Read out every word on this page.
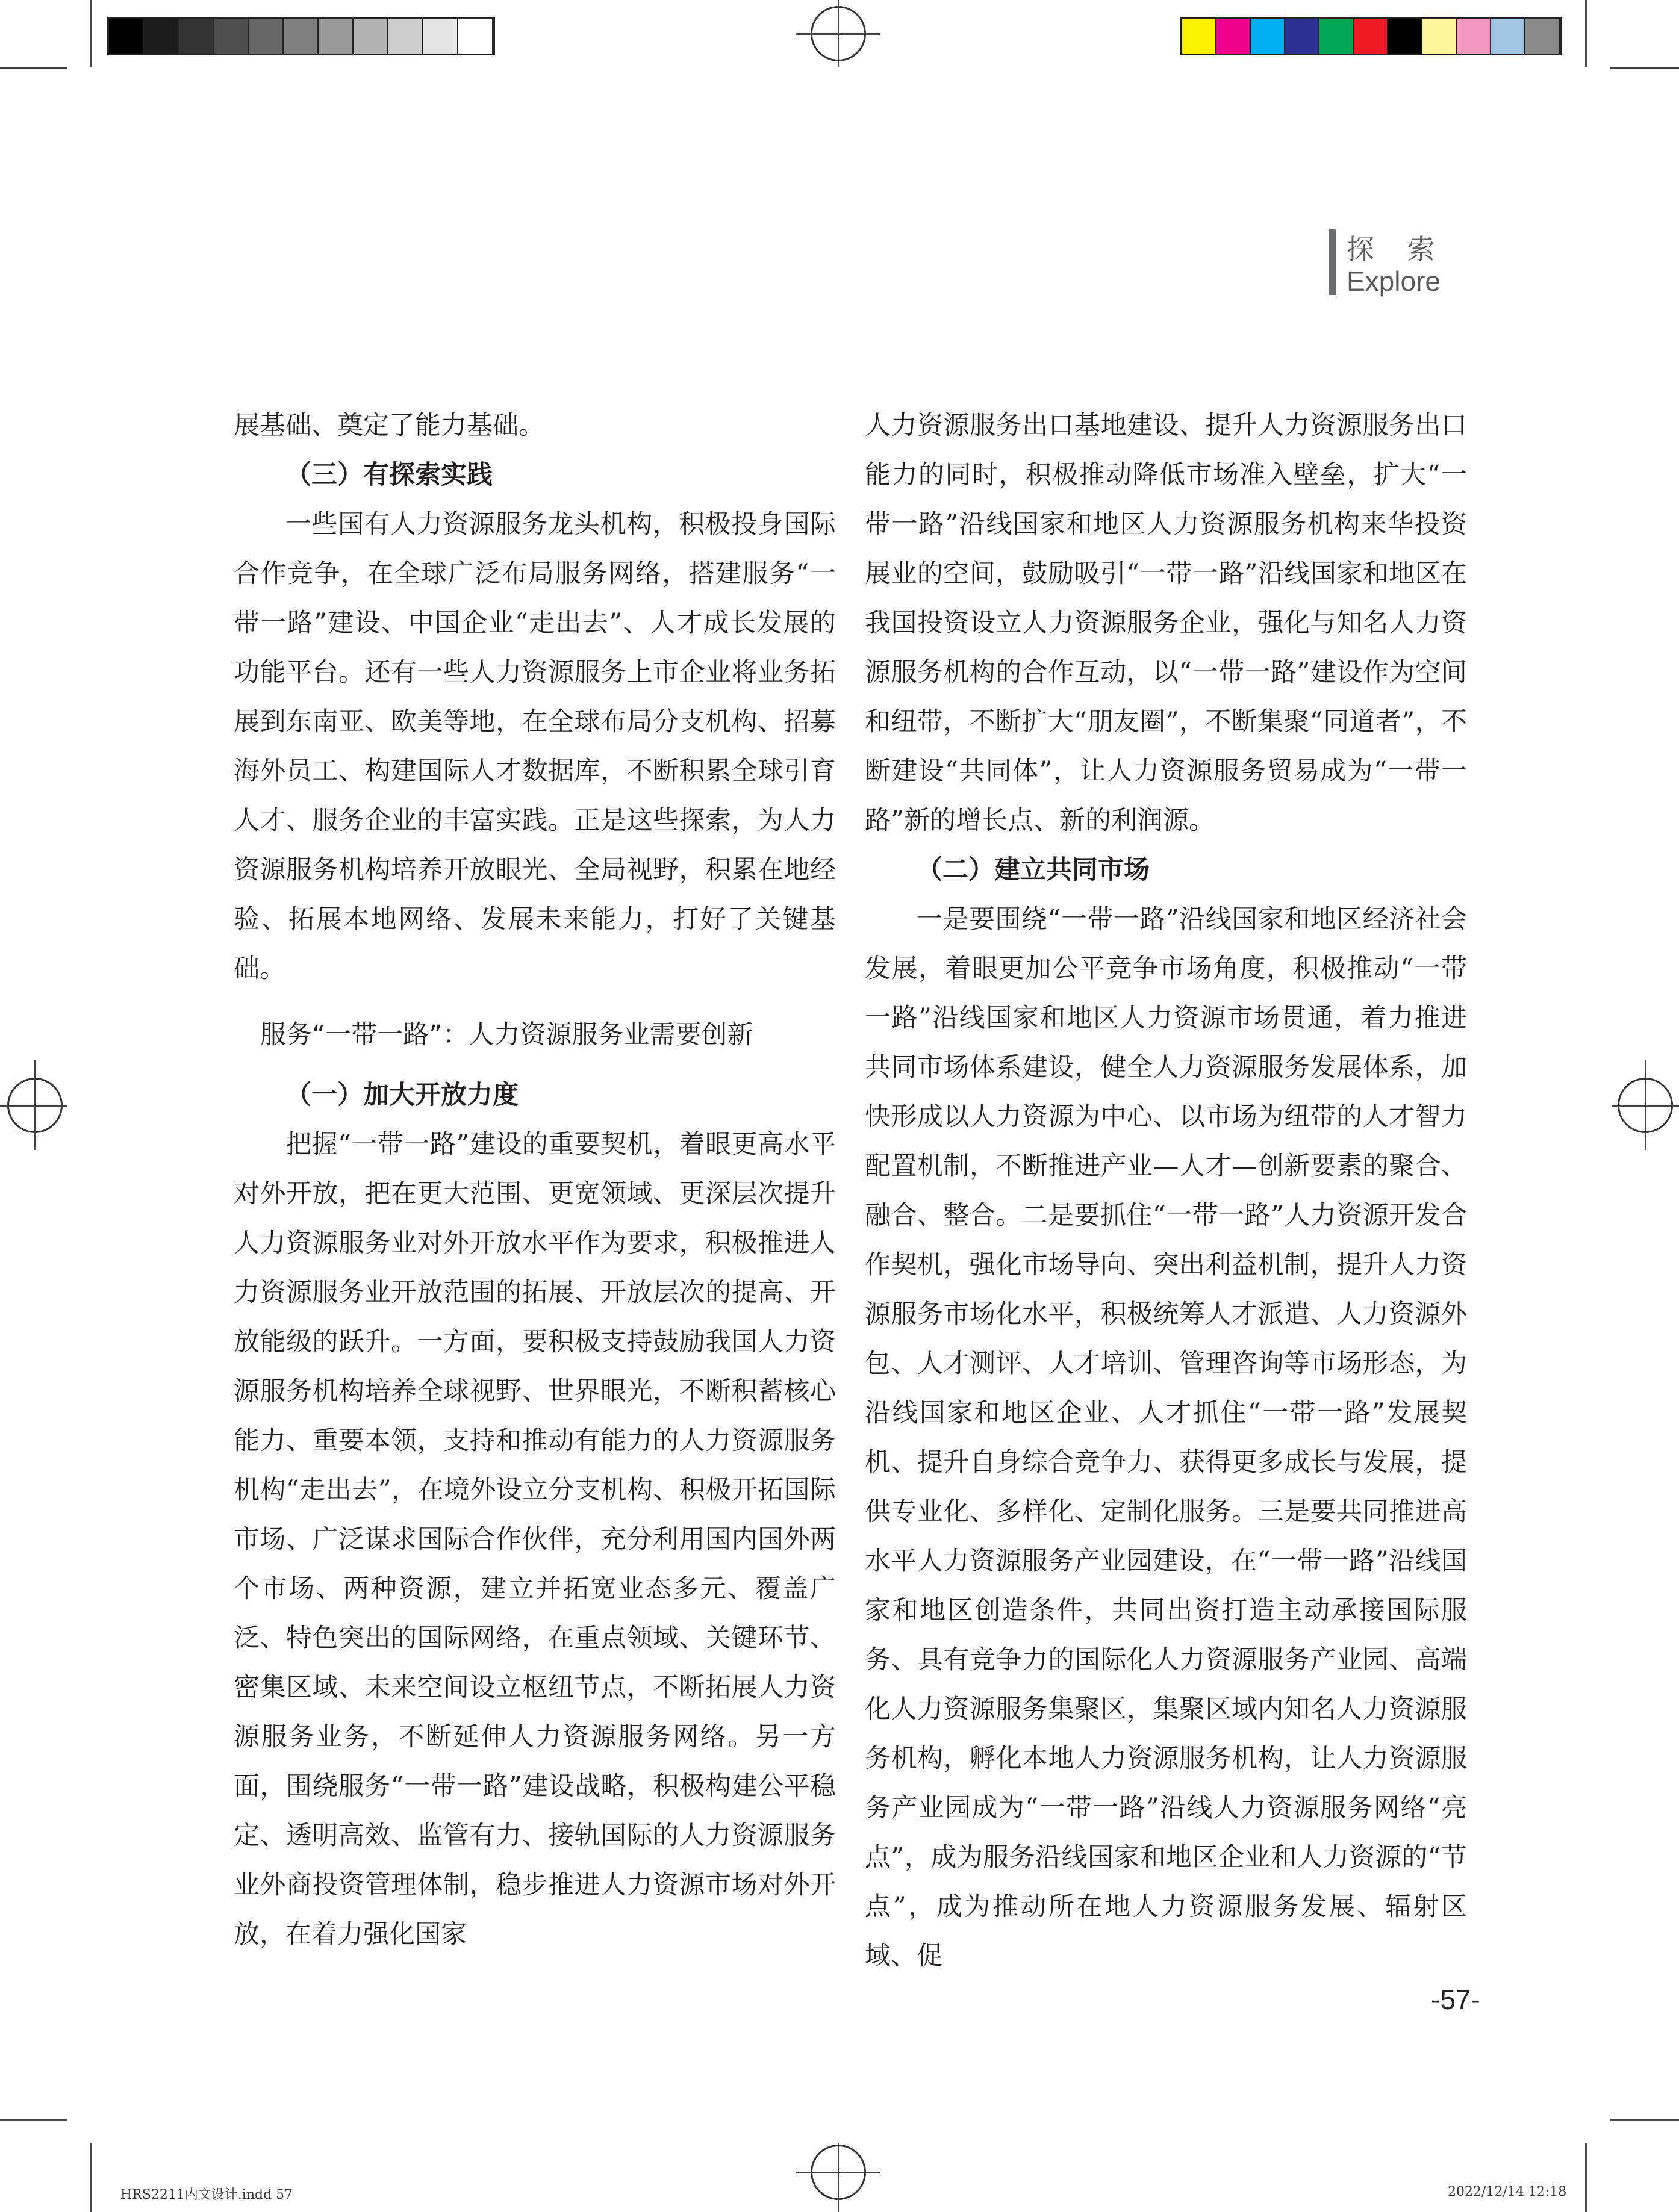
探 索
Explore

展基础、奠定了能力基础。

（三）有探索实践

一些国有人力资源服务龙头机构，积极投身国际合作竞争，在全球广泛布局服务网络，搭建服务“一带一路”建设、中国企业“走出去”、人才成长发展的功能平台。还有一些人力资源服务上市企业将业务拓展到东南亚、欧美等地，在全球布局分支机构、招募海外员工、构建国际人才数据库，不断积累全球引育人才、服务企业的丰富实践。正是这些探索，为人力资源服务机构培养开放眼光、全局视野，积累在地经验、拓展本地网络、发展未来能力，打好了关键基础。

服务“一带一路”：人力资源服务业需要创新

（一）加大开放力度

把握“一带一路”建设的重要契机，着眼更高水平对外开放，把在更大范围、更宽领域、更深层次提升人力资源服务业对外开放水平作为要求，积极推进人力资源服务业开放范围的拓展、开放层次的提高、开放能级的跃升。一方面，要积极支持鼓励我国人力资源服务机构培养全球视野、世界眼光，不断积蓄核心能力、重要本领，支持和推动有能力的人力资源服务机构“走出去”，在境外设立分支机构、积极开拓国际市场、广泛谋求国际合作伙伴，充分利用国内国外两个市场、两种资源，建立并拓宽业态多元、覆盖广泛、特色突出的国际网络，在重点领域、关键环节、密集区域、未来空间设立枢纽节点，不断拓展人力资源服务业务，不断延伸人力资源服务网络。另一方面，围绕服务“一带一路”建设战略，积极构建公平稳定、透明高效、监管有力、接轨国际的人力资源服务业外商投资管理体制，稳步推进人力资源市场对外开放，在着力强化国家

人力资源服务出口基地建设、提升人力资源服务出口能力的同时，积极推动降低市场准入壁垒，扩大“一带一路”沿线国家和地区人力资源服务机构来华投资展业的空间，鼓励吸引“一带一路”沿线国家和地区在我国投资设立人力资源服务企业，强化与知名人力资源服务机构的合作互动，以“一带一路”建设作为空间和纽带，不断扩大“朋友圈”，不断集聚“同道者”，不断建设“共同体”，让人力资源服务贸易成为“一带一路”新的增长点、新的利润源。

（二）建立共同市场

一是要围绕“一带一路”沿线国家和地区经济社会发展，着眼更加公平竞争市场角度，积极推动“一带一路”沿线国家和地区人力资源市场贯通，着力推进共同市场体系建设，健全人力资源服务发展体系，加快形成以人力资源为中心、以市场为纽带的人才智力配置机制，不断推进产业—人才—创新要素的聚合、融合、整合。二是要抓住“一带一路”人力资源开发合作契机，强化市场导向、突出利益机制，提升人力资源服务市场化水平，积极统筹人才派遣、人力资源外包、人才测评、人才培训、管理咨询等市场形态，为沿线国家和地区企业、人才抓住“一带一路”发展契机、提升自身综合竞争力、获得更多成长与发展，提供专业化、多样化、定制化服务。三是要共同推进高水平人力资源服务产业园建设，在“一带一路”沿线国家和地区创造条件，共同出资打造主动承接国际服务、具有竞争力的国际化人力资源服务产业园、高端化人力资源服务集聚区，集聚区域内知名人力资源服务机构，孵化本地人力资源服务机构，让人力资源服务产业园成为“一带一路”沿线人力资源服务网络“亮点”，成为服务沿线国家和地区企业和人力资源的“节点”，成为推动所在地人力资源服务发展、辐射区域、促

-57-
HRS2211内文设计.indd 57	2022/12/14 12:18
